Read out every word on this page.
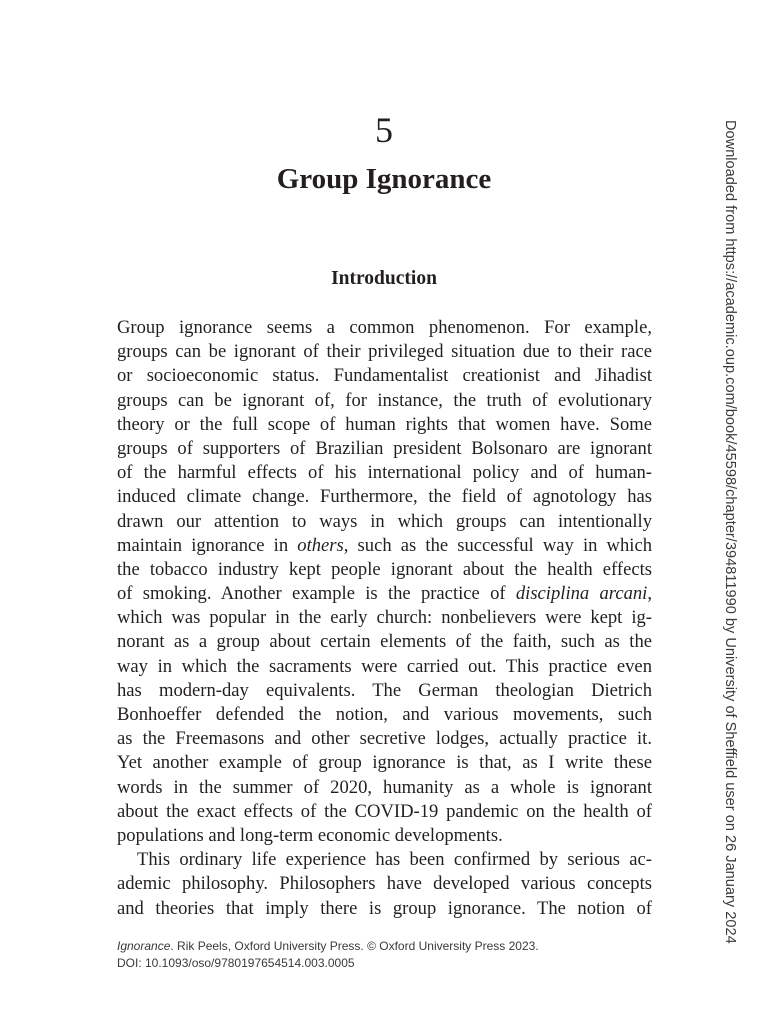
5
Group Ignorance
Introduction
Group ignorance seems a common phenomenon. For example,
groups can be ignorant of their privileged situation due to their race
or socioeconomic status. Fundamentalist creationist and Jihadist
groups can be ignorant of, for instance, the truth of evolutionary
theory or the full scope of human rights that women have. Some
groups of supporters of Brazilian president Bolsonaro are ignorant
of the harmful effects of his international policy and of human-
induced climate change. Furthermore, the field of agnotology has
drawn our attention to ways in which groups can intentionally
maintain ignorance in others, such as the successful way in which
the tobacco industry kept people ignorant about the health effects
of smoking. Another example is the practice of disciplina arcani,
which was popular in the early church: nonbelievers were kept ig-
norant as a group about certain elements of the faith, such as the
way in which the sacraments were carried out. This practice even
has modern-day equivalents. The German theologian Dietrich
Bonhoeffer defended the notion, and various movements, such
as the Freemasons and other secretive lodges, actually practice it.
Yet another example of group ignorance is that, as I write these
words in the summer of 2020, humanity as a whole is ignorant
about the exact effects of the COVID-19 pandemic on the health of
populations and long-term economic developments.
This ordinary life experience has been confirmed by serious ac-
ademic philosophy. Philosophers have developed various concepts
and theories that imply there is group ignorance. The notion of
Ignorance. Rik Peels, Oxford University Press. © Oxford University Press 2023.
DOI: 10.1093/oso/9780197654514.003.0005
Downloaded from https://academic.oup.com/book/45598/chapter/394811990 by University of Sheffield user on 26 January 2024
